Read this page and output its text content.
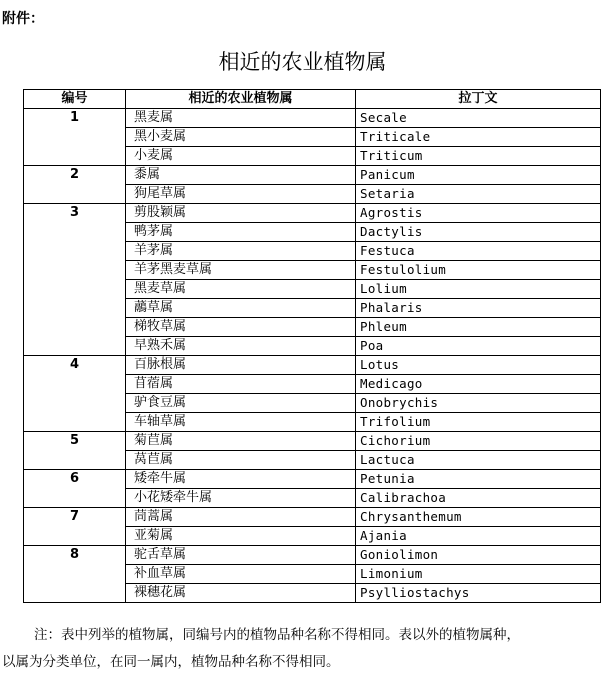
附件：
相近的农业植物属
编号	相近的农业植物属	拉丁文
1	黑麦属	Secale
	黑小麦属	Triticale
	小麦属	Triticum
2	黍属	Panicum
	狗尾草属	Setaria
3	剪股颖属	Agrostis
	鸭茅属	Dactylis
	羊茅属	Festuca
	羊茅黑麦草属	Festulolium
	黑麦草属	Lolium
	虉草属	Phalaris
	梯牧草属	Phleum
	早熟禾属	Poa
4	百脉根属	Lotus
	苜蓿属	Medicago
	驴食豆属	Onobrychis
	车轴草属	Trifolium
5	菊苣属	Cichorium
	莴苣属	Lactuca
6	矮牵牛属	Petunia
	小花矮牵牛属	Calibrachoa
7	茼蒿属	Chrysanthemum
	亚菊属	Ajania
8	驼舌草属	Goniolimon
	补血草属	Limonium
	裸穗花属	Psylliostachys
注：表中列举的植物属，同编号内的植物品种名称不得相同。表以外的植物属种，
以属为分类单位，在同一属内，植物品种名称不得相同。
